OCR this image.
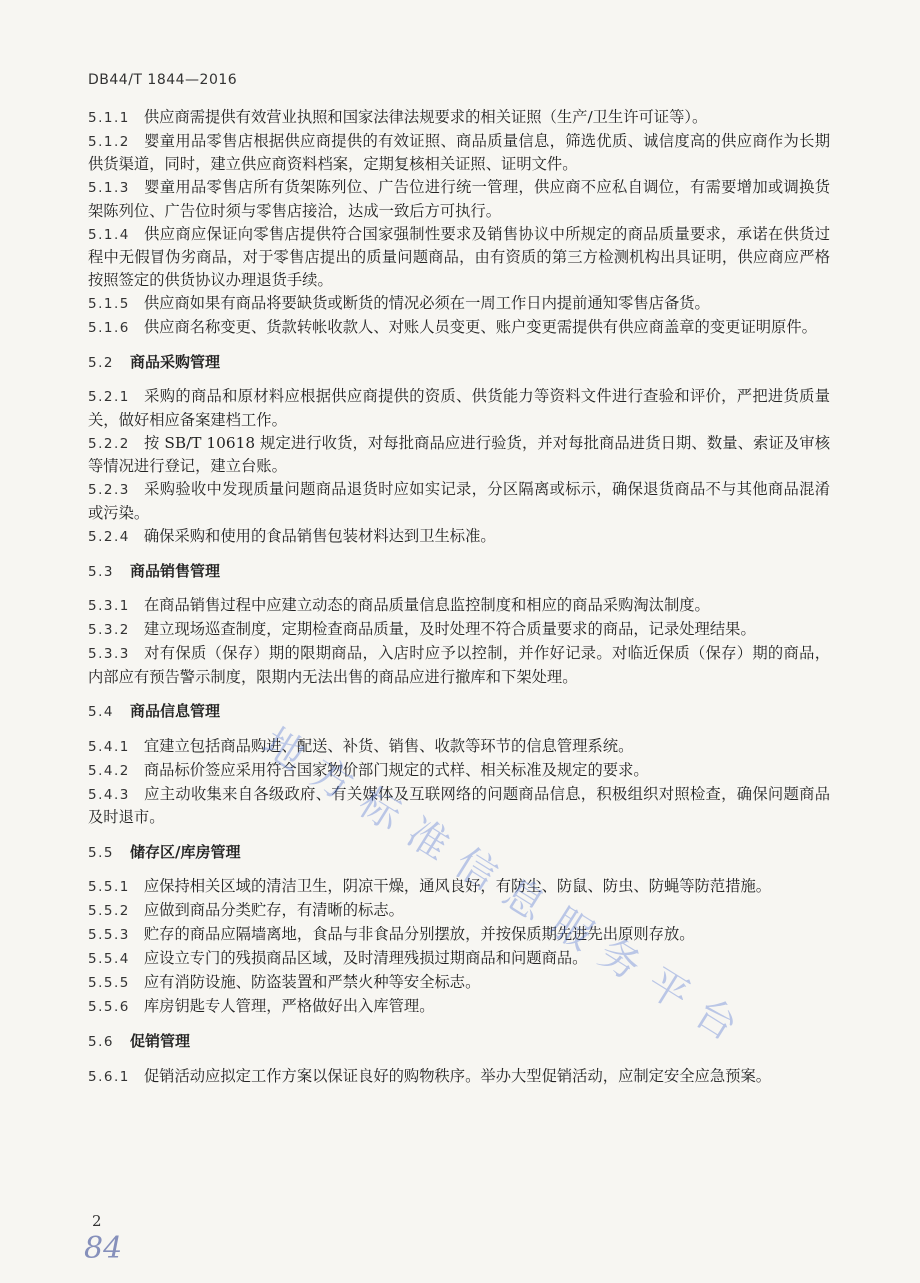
DB44/T 1844—2016
5.1.1 供应商需提供有效营业执照和国家法律法规要求的相关证照（生产/卫生许可证等）。
5.1.2 婴童用品零售店根据供应商提供的有效证照、商品质量信息，筛选优质、诚信度高的供应商作为长期供货渠道，同时，建立供应商资料档案，定期复核相关证照、证明文件。
5.1.3 婴童用品零售店所有货架陈列位、广告位进行统一管理，供应商不应私自调位，有需要增加或调换货架陈列位、广告位时须与零售店接洽，达成一致后方可执行。
5.1.4 供应商应保证向零售店提供符合国家强制性要求及销售协议中所规定的商品质量要求，承诺在供货过程中无假冒伪劣商品，对于零售店提出的质量问题商品，由有资质的第三方检测机构出具证明，供应商应严格按照签定的供货协议办理退货手续。
5.1.5 供应商如果有商品将要缺货或断货的情况必须在一周工作日内提前通知零售店备货。
5.1.6 供应商名称变更、货款转帐收款人、对账人员变更、账户变更需提供有供应商盖章的变更证明原件。
5.2 商品采购管理
5.2.1 采购的商品和原材料应根据供应商提供的资质、供货能力等资料文件进行查验和评价，严把进货质量关，做好相应备案建档工作。
5.2.2 按 SB/T 10618 规定进行收货，对每批商品应进行验货，并对每批商品进货日期、数量、索证及审核等情况进行登记，建立台账。
5.2.3 采购验收中发现质量问题商品退货时应如实记录，分区隔离或标示，确保退货商品不与其他商品混淆或污染。
5.2.4 确保采购和使用的食品销售包装材料达到卫生标准。
5.3 商品销售管理
5.3.1 在商品销售过程中应建立动态的商品质量信息监控制度和相应的商品采购淘汰制度。
5.3.2 建立现场巡查制度，定期检查商品质量，及时处理不符合质量要求的商品，记录处理结果。
5.3.3 对有保质（保存）期的限期商品，入店时应予以控制，并作好记录。对临近保质（保存）期的商品，内部应有预告警示制度，限期内无法出售的商品应进行撤库和下架处理。
5.4 商品信息管理
5.4.1 宜建立包括商品购进、配送、补货、销售、收款等环节的信息管理系统。
5.4.2 商品标价签应采用符合国家物价部门规定的式样、相关标准及规定的要求。
5.4.3 应主动收集来自各级政府、有关媒体及互联网络的问题商品信息，积极组织对照检查，确保问题商品及时退市。
5.5 储存区/库房管理
5.5.1 应保持相关区域的清洁卫生，阴凉干燥，通风良好，有防尘、防鼠、防虫、防蝇等防范措施。
5.5.2 应做到商品分类贮存，有清晰的标志。
5.5.3 贮存的商品应隔墙离地，食品与非食品分别摆放，并按保质期先进先出原则存放。
5.5.4 应设立专门的残损商品区域，及时清理残损过期商品和问题商品。
5.5.5 应有消防设施、防盗装置和严禁火种等安全标志。
5.5.6 库房钥匙专人管理，严格做好出入库管理。
5.6 促销管理
5.6.1 促销活动应拟定工作方案以保证良好的购物秩序。举办大型促销活动，应制定安全应急预案。
2
84
地
方
标
准
信
息
服
务
平
台
